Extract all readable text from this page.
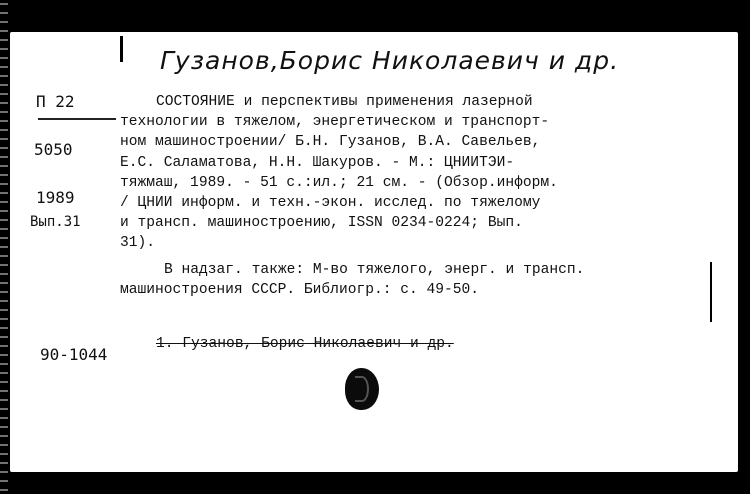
Гузанов,Борис Николаевич и др.
П 22
5050
1989
Вып.31
СОСТОЯНИЕ и перспективы применения лазерной
технологии в тяжелом, энергетическом и транспорт-
ном машиностроении/ Б.Н. Гузанов, В.А. Савельев,
Е.С. Саламатова, Н.Н. Шакуров. - М.: ЦНИИТЭИ-
тяжмаш, 1989. - 51 с.:ил.; 21 см. - (Обзор.информ.
/ ЦНИИ информ. и техн.-экон. исслед. по тяжелому
и трансп. машиностроению, ISSN 0234-0224; Вып.
31).
В надзаг. также: М-во тяжелого, энерг. и трансп.
машиностроения СССР. Библиогр.: с. 49-50.
90-1044
1. Гузанов, Борис Николаевич и др.
